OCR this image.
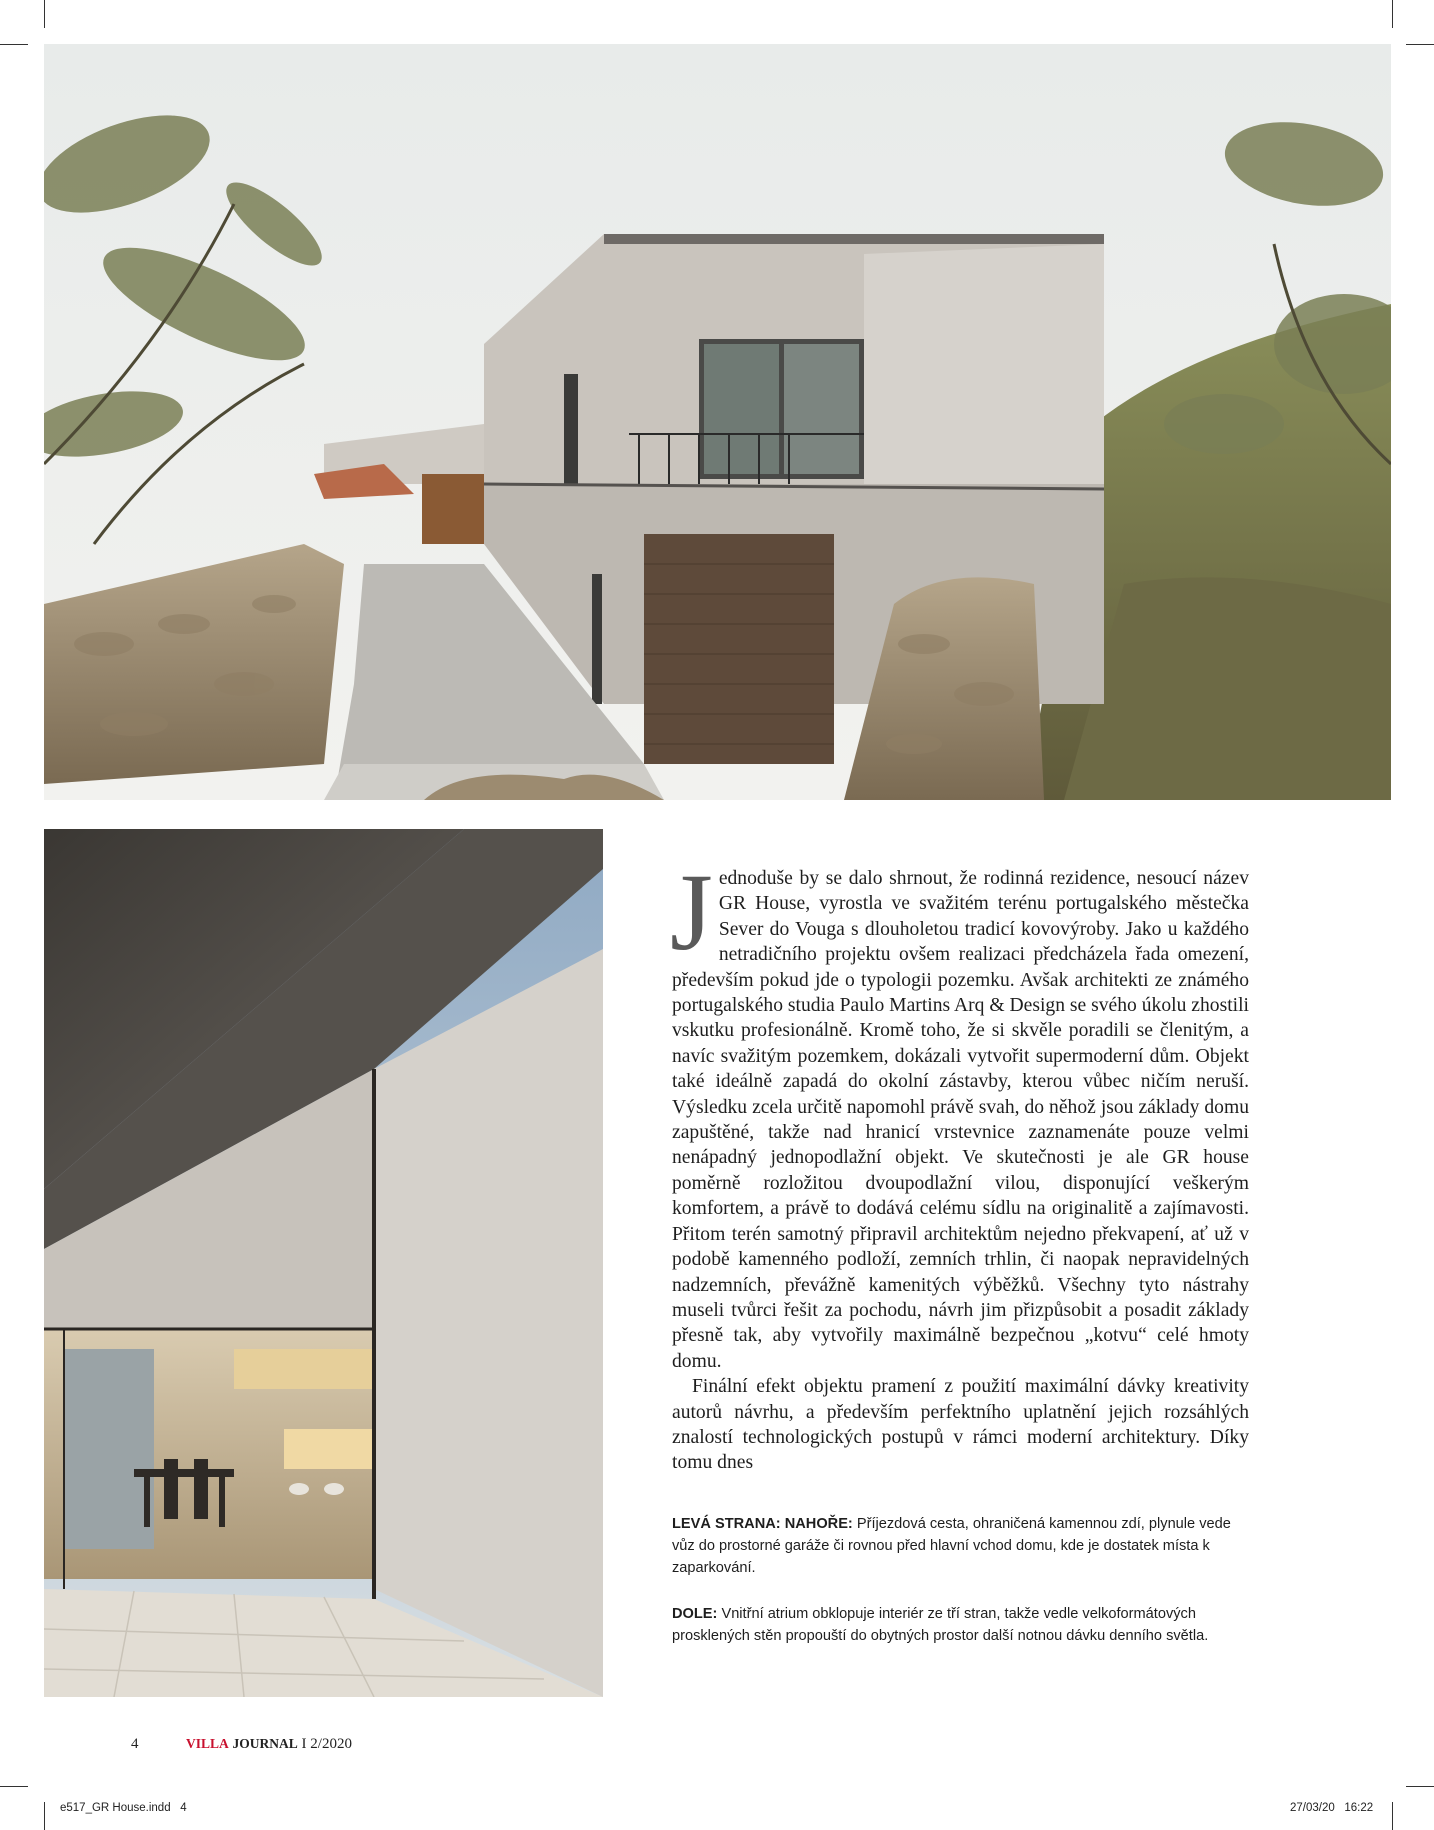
Jednoduše by se dalo shrnout, že rodinná rezidence, nesoucí název GR House, vyrostla ve svažitém terénu portugalského městečka Sever do Vouga s dlouholetou tradicí kovovýroby. Jako u každého netradičního projektu ovšem realizaci předcházela řada omezení, především pokud jde o typologii pozemku. Avšak architekti ze známého portugalského studia Paulo Martins Arq & Design se svého úkolu zhostili vskutku profesionálně. Kromě toho, že si skvěle poradili se členitým, a navíc svažitým pozemkem, dokázali vytvořit supermoderní dům. Objekt také ideálně zapadá do okolní zástavby, kterou vůbec ničím neruší. Výsledku zcela určitě napomohl právě svah, do něhož jsou základy domu zapuštěné, takže nad hranicí vrstevnice zaznamenáte pouze velmi nenápadný jednopodlažní objekt. Ve skutečnosti je ale GR house poměrně rozložitou dvoupodlažní vilou, disponující veškerým komfortem, a právě to dodává celému sídlu na originalitě a zajímavosti. Přitom terén samotný připravil architektům nejedno překvapení, ať už v podobě kamenného podloží, zemních trhlin, či naopak nepravidelných nadzemních, převážně kamenitých výběžků. Všechny tyto nástrahy museli tvůrci řešit za pochodu, návrh jim přizpůsobit a posadit základy přesně tak, aby vytvořily maximálně bezpečnou „kotvu“ celé hmoty domu.

Finální efekt objektu pramení z použití maximální dávky kreativity autorů návrhu, a především perfektního uplatnění jejich rozsáhlých znalostí technologických postupů v rámci moderní architektury. Díky tomu dnes

LEVÁ STRANA: NAHOŘE: Příjezdová cesta, ohraničená kamennou zdí, plynule vede vůz do prostorné garáže či rovnou před hlavní vchod domu, kde je dostatek místa k zaparkování.

DOLE: Vnitřní atrium obklopuje interiér ze tří stran, takže vedle velkoformátových prosklených stěn propouští do obytných prostor další notnou dávku denního světla.

4	VILLA JOURNAL I 2/2020
e517_GR House.indd   4	27/03/20   16:22
